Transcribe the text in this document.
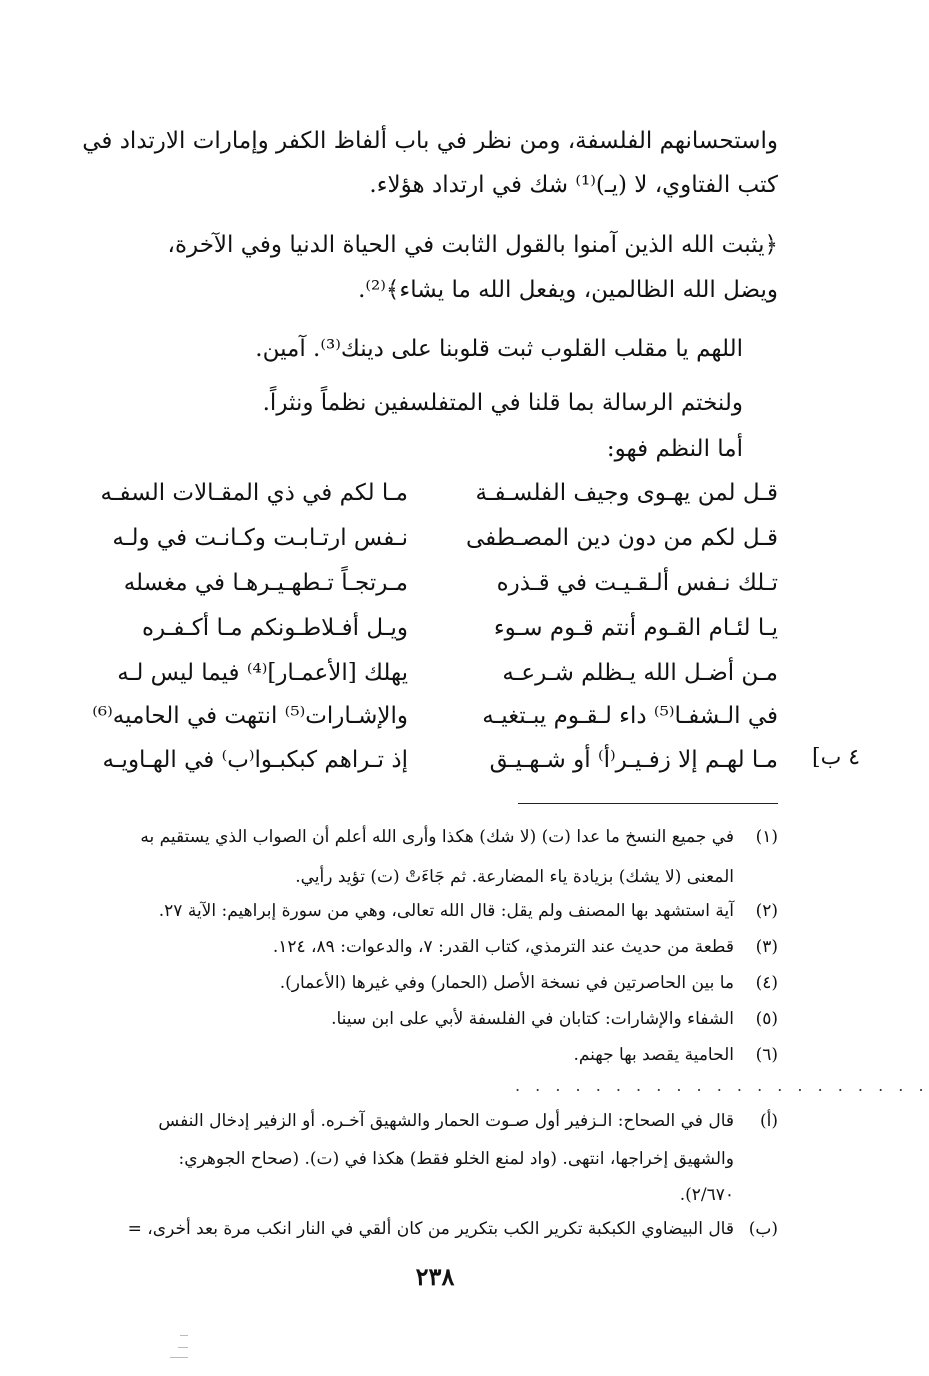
واستحسانهم الفلسفة، ومن نظر في باب ألفاظ الكفر وإمارات الارتداد في
كتب الفتاوي، لا (يـ)⁽¹⁾ شك في ارتداد هؤلاء.
﴿يثبت الله الذين آمنوا بالقول الثابت في الحياة الدنيا وفي الآخرة،
ويضل الله الظالمين، ويفعل الله ما يشاء﴾⁽²⁾.
اللهم يا مقلب القلوب ثبت قلوبنا على دينك⁽³⁾. آمين.
ولنختم الرسالة بما قلنا في المتفلسفين نظماً ونثراً.
أما النظم فهو:
قـل لمن يهـوى وجيف الفلسـفـة
مـا لكم في ذي المقـالات السفـه
قـل لكم من دون دين المصـطفى
نـفس ارتـابـت وكـانـت في ولـه
تـلك نـفس ألـقـيـت في قـذره
مـرتجـاً تـطهـيـرهـا في مغسله
يـا لئـام القـوم أنتم قـوم سـوء
ويـل أفـلاطـونكم مـا أكـفـره
مـن أضـل الله يـظلم شـرعـه
يهلك [الأعمـار]⁽⁴⁾ فيما ليس لـه
في الـشفـا⁽⁵⁾ داء لـقـوم يبـتغيـه
والإشـارات⁽⁵⁾ انتهت في الحاميه⁽⁶⁾
مـا لهـم إلا زفـيـر⁽أ⁾ أو شـهـيـق
إذ تـراهم كبكبـوا⁽ب⁾ في الهـاويـه	٤ ب]
(١)في جميع النسخ ما عدا (ت) (لا شك) هكذا وأرى الله أعلم أن الصواب الذي يستقيم به
المعنى (لا يشك) بزيادة ياء المضارعة. ثم جَاءَتْ (ت) تؤيد رأيي.
(٢)آية استشهد بها المصنف ولم يقل: قال الله تعالى، وهي من سورة إبراهيم: الآية ٢٧.
(٣)قطعة من حديث عند الترمذي، كتاب القدر: ٧، والدعوات: ٨٩، ١٢٤.
(٤)ما بين الحاصرتين في نسخة الأصل (الحمار) وفي غيرها (الأعمار).
(٥)الشفاء والإشارات: كتابان في الفلسفة لأبي على ابن سينا.
(٦)الحامية يقصد بها جهنم.
. . . . . . . . . . . . . . . . . . . . .
(أ)قال في الصحاح: الـزفير أول صـوت الحمار والشهيق آخـره. أو الزفير إدخال النفس
والشهيق إخراجها، انتهى. (واد لمنع الخلو فقط) هكذا في (ت). (صحاح الجوهري:
٢/٦٧٠).
(ب)قال البيضاوي الكبكبة تكرير الكب بتكرير من كان ألقي في النار انكب مرة بعد أخرى، =
٢٣٨
